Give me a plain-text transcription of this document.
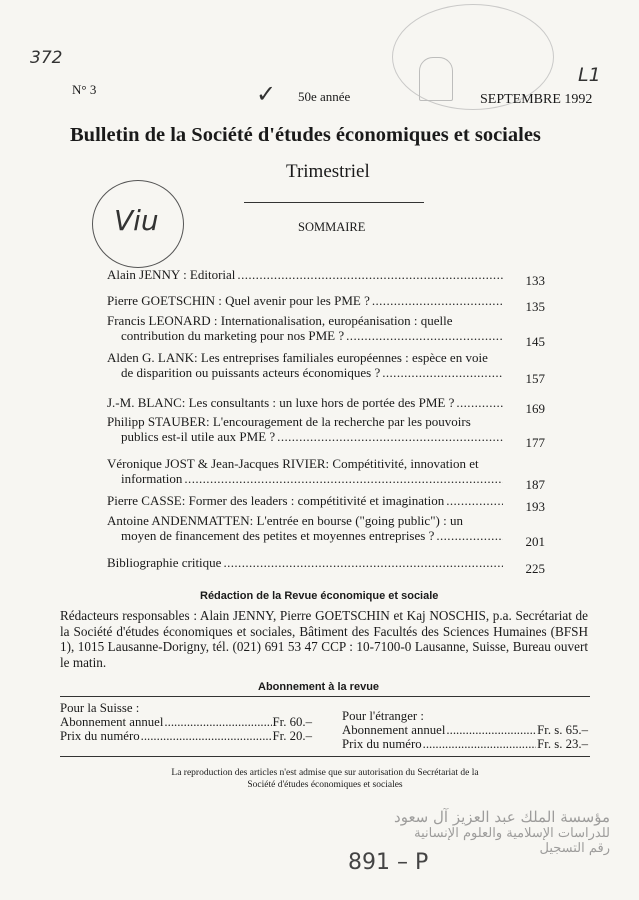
372
L1
N° 3	✓ 50e année	SEPTEMBRE 1992
Bulletin de la Société d'études économiques et sociales
Trimestriel
Viu	SOMMAIRE
Alain JENNY : Editorial .....	133
Pierre GOETSCHIN : Quel avenir pour les PME ? .....	135
Francis LEONARD : Internationalisation, européanisation : quelle
contribution du marketing pour nos PME ? .....	145
Alden G. LANK: Les entreprises familiales européennes : espèce en voie
de disparition ou puissants acteurs économiques ? .....	157
J.-M. BLANC: Les consultants : un luxe hors de portée des PME ? .....	169
Philipp STAUBER: L'encouragement de la recherche par les pouvoirs
publics est-il utile aux PME ? .....	177
Véronique JOST & Jean-Jacques RIVIER: Compétitivité, innovation et
information .....	187
Pierre CASSE: Former des leaders : compétitivité et imagination .....	193
Antoine ANDENMATTEN: L'entrée en bourse ("going public") : un
moyen de financement des petites et moyennes entreprises ? .....	201
Bibliographie critique .....	225
Rédaction de la Revue économique et sociale
Rédacteurs responsables : Alain JENNY, Pierre GOETSCHIN et Kaj NOSCHIS, p.a. Secrétariat de la Société d'études économiques et sociales, Bâtiment des Facultés des Sciences Humaines (BFSH 1), 1015 Lausanne-Dorigny, tél. (021) 691 53 47 CCP : 10-7100-0 Lausanne, Suisse, Bureau ouvert le matin.
Abonnement à la revue
Pour la Suisse :
Abonnement annuel .....	Fr. 60.–
Prix du numéro .....	Fr. 20.–
Pour l'étranger :
Abonnement annuel .....	Fr. s. 65.–
Prix du numéro .....	Fr. s. 23.–
La reproduction des articles n'est admise que sur autorisation du Secrétariat de la
Société d'études économiques et sociales
مؤسسة الملك عبد العزيز آل سعود
للدراسات الإسلامية والعلوم الإنسانية
رقم التسجيل
891 – P
